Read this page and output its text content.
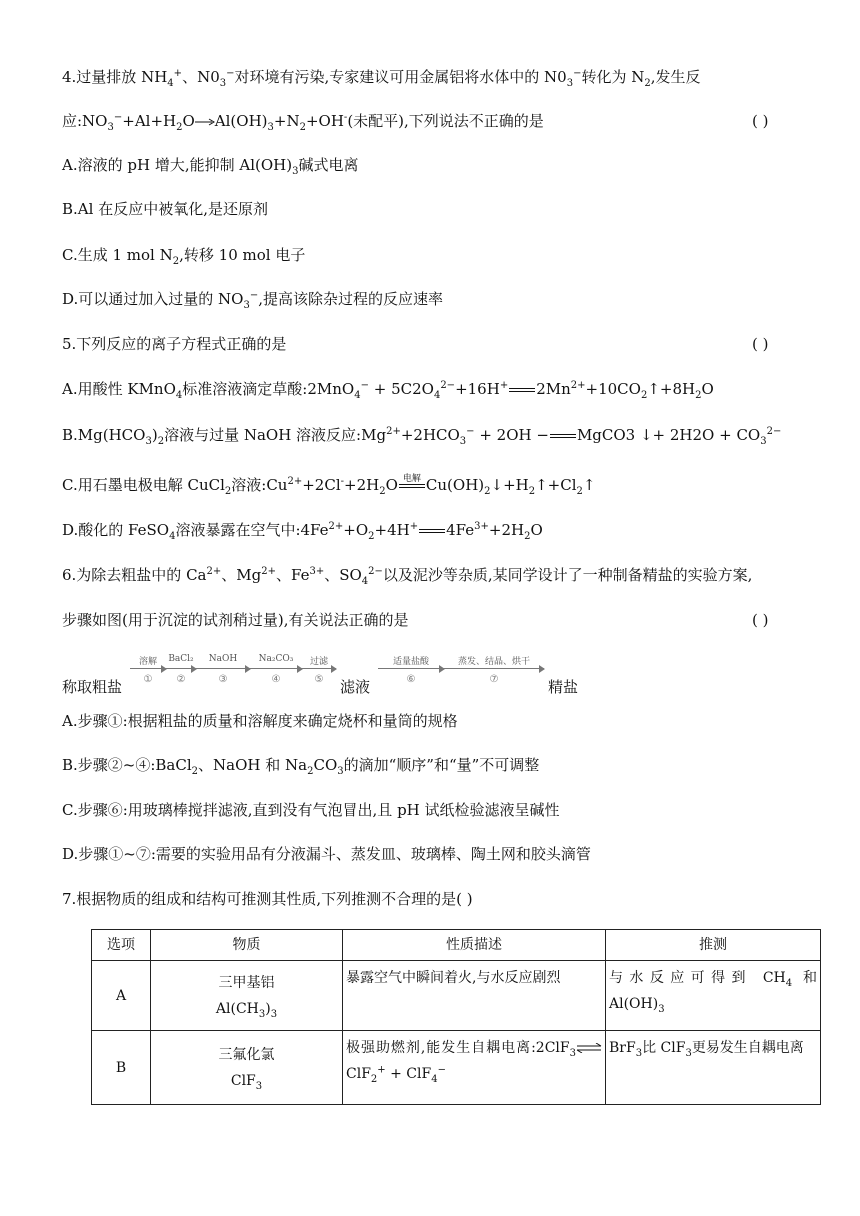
4.过量排放 $NH_4^+$、$N0_3^-$对环境有污染,专家建议可用金属铝将水体中的 $N0_3^-$转化为 $N_2$,发生反
应$:NO_3^-+Al+H_2O\to Al(OH)_3+N_2+OH^-$(未配平),下列说法不正确的是	( )
A.溶液的 pH 增大,能抑制 $Al(OH)_3$碱式电离
B.Al 在反应中被氧化,是还原剂
C.生成 1 mol $N_2$,转移 10 mol 电子
D.可以通过加入过量的 $NO_3^-$,提高该除杂过程的反应速率
5.下列反应的离子方程式正确的是	( )
A.用酸性 KMnO$_4$标准溶液滴定草酸:2MnO$_4$− + $5C2O_4^{2-}+16H^+$ $2Mn^{2+}+10CO_2↑+8H_2O$
$B.Mg(HCO_3)_2$溶液与过量 NaOH 溶液反应$:Mg^{2+}+2HCO_3^- + 2OH$ − MgCO3 ↓+ $2H2O + CO_3^{2-}$
C.用石墨电极电解 CuCl$_2$溶液$:Cu^{2+}+2Cl^-+2H_2O$ 电解 $Cu(OH)_2↓+H_2↑+Cl_2↑$
D.酸化的 FeSO$_4$溶液暴露在空气中$:4Fe^{2+}+O_2+4H^+$ $4Fe^{3+}+2H_2O$
6.为除去粗盐中的 $Ca^{2+}$、$Mg^{2+}$、$Fe^{3+}$、$SO_4^{2-}$以及泥沙等杂质,某同学设计了一种制备精盐的实验方案,
步骤如图(用于沉淀的试剂稍过量),有关说法正确的是	( )
称取粗盐
溶解
①
BaCl₂
②
NaOH
③
Na₂CO₃
④
过滤
⑤	滤液
适量盐酸
⑥
蒸发、结晶、烘干
⑦	精盐
A.步骤①:根据粗盐的质量和溶解度来确定烧杯和量筒的规格
B.步骤②~④:BaCl$_2$、NaOH 和 $Na_2CO_3$的滴加“顺序”和“量”不可调整
C.步骤⑥:用玻璃棒搅拌滤液,直到没有气泡冒出,且 pH 试纸检验滤液呈碱性
D.步骤①~⑦:需要的实验用品有分液漏斗、蒸发皿、玻璃棒、陶土网和胶头滴管
7.根据物质的组成和结构可推测其性质,下列推测不合理的是( )
选项	物质	性质描述	推测
A	三甲基铝
$Al(CH_3)_3$	暴露空气中瞬间着火,与水反应剧烈	与水反应可得到 $CH_4$ 和 $Al(OH)_3$
B	三氟化氯
ClF$_3$	极强助燃剂,能发生自耦电离:2ClF$_3$⇌ClF$_2$+ + ClF$_4$−	BrF$_3$比 ClF$_3$更易发生自耦电离
